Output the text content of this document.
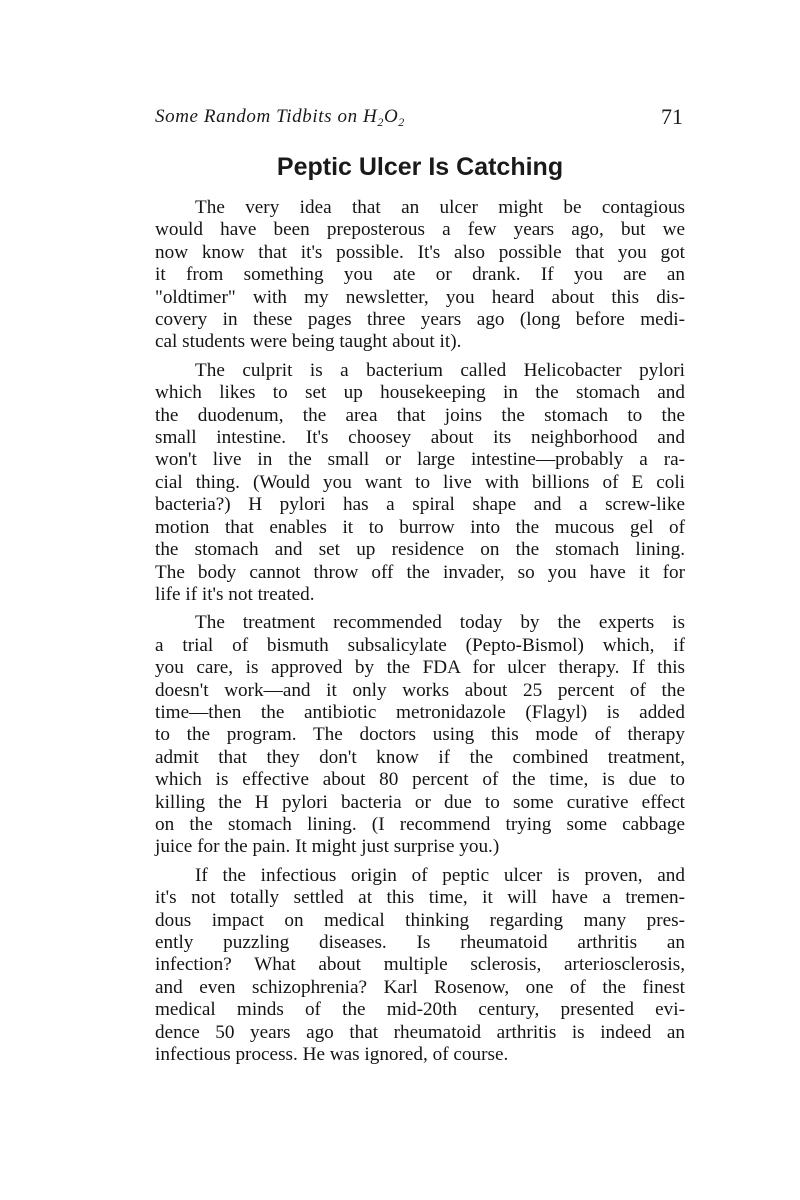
Some Random Tidbits on $H_2O_2$	71
Peptic Ulcer Is Catching

The very idea that an ulcer might be contagious
would have been preposterous a few years ago, but we
now know that it's possible. It's also possible that you got
it from something you ate or drank. If you are an
"oldtimer" with my newsletter, you heard about this dis-
covery in these pages three years ago (long before medi-
cal students were being taught about it).

The culprit is a bacterium called Helicobacter pylori
which likes to set up housekeeping in the stomach and
the duodenum, the area that joins the stomach to the
small intestine. It's choosey about its neighborhood and
won't live in the small or large intestine—probably a ra-
cial thing. (Would you want to live with billions of E coli
bacteria?) H pylori has a spiral shape and a screw-like
motion that enables it to burrow into the mucous gel of
the stomach and set up residence on the stomach lining.
The body cannot throw off the invader, so you have it for
life if it's not treated.

The treatment recommended today by the experts is
a trial of bismuth subsalicylate (Pepto-Bismol) which, if
you care, is approved by the FDA for ulcer therapy. If this
doesn't work—and it only works about 25 percent of the
time—then the antibiotic metronidazole (Flagyl) is added
to the program. The doctors using this mode of therapy
admit that they don't know if the combined treatment,
which is effective about 80 percent of the time, is due to
killing the H pylori bacteria or due to some curative effect
on the stomach lining. (I recommend trying some cabbage
juice for the pain. It might just surprise you.)

If the infectious origin of peptic ulcer is proven, and
it's not totally settled at this time, it will have a tremen-
dous impact on medical thinking regarding many pres-
ently puzzling diseases. Is rheumatoid arthritis an
infection? What about multiple sclerosis, arteriosclerosis,
and even schizophrenia? Karl Rosenow, one of the finest
medical minds of the mid-20th century, presented evi-
dence 50 years ago that rheumatoid arthritis is indeed an
infectious process. He was ignored, of course.
